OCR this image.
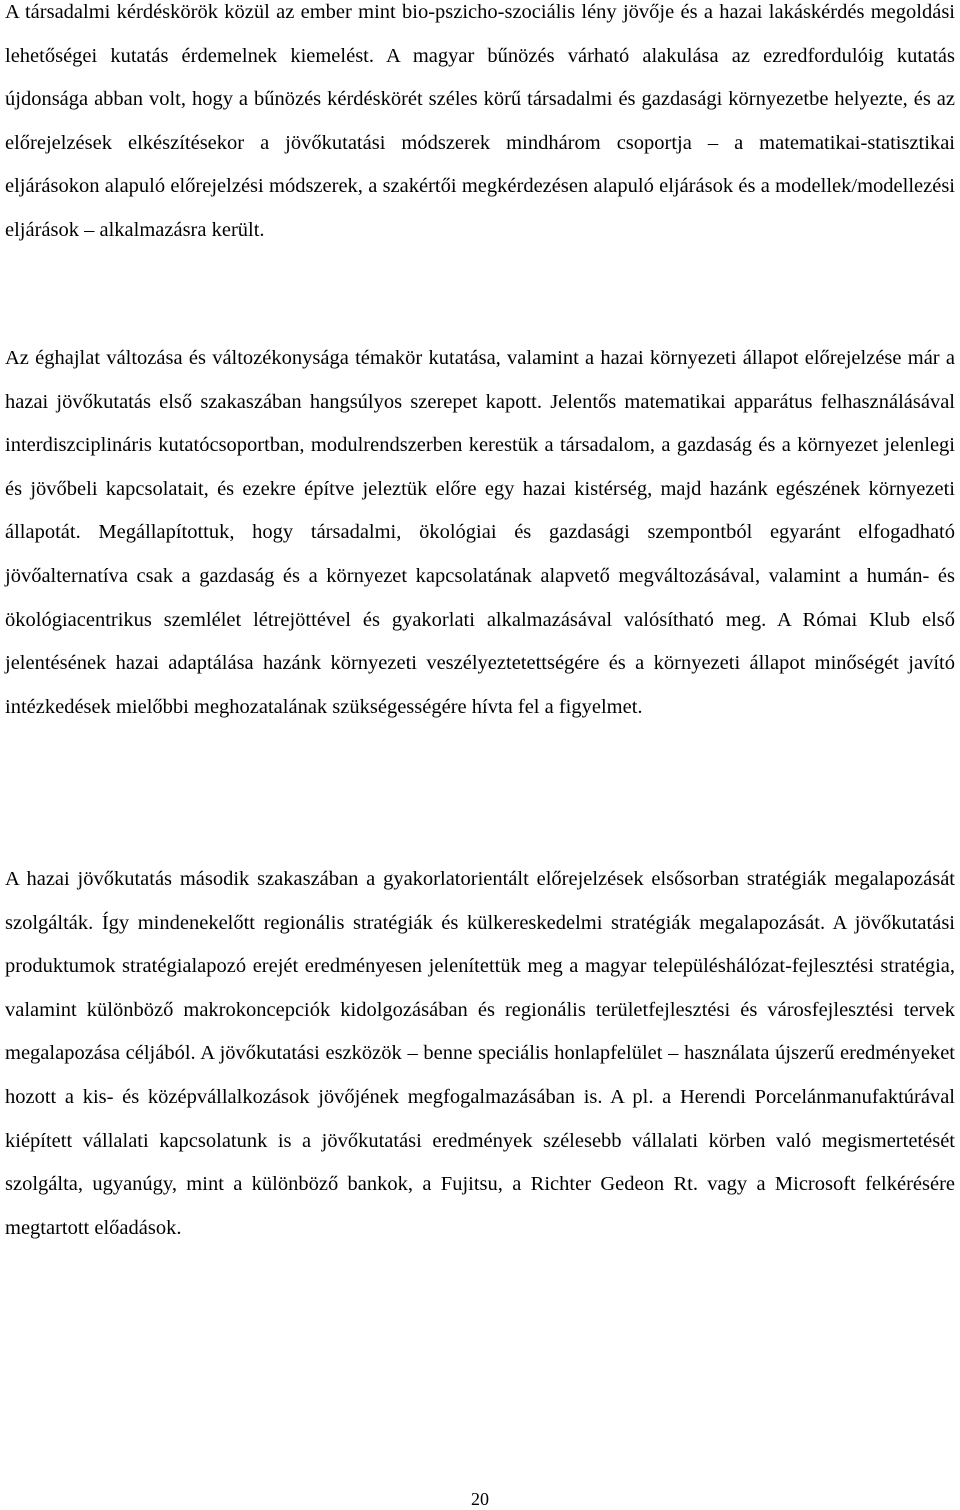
A társadalmi kérdéskörök közül az ember mint bio-pszicho-szociális lény jövője és a hazai lakáskérdés megoldási lehetőségei kutatás érdemelnek kiemelést. A magyar bűnözés várható alakulása az ezredfordulóig kutatás újdonsága abban volt, hogy a bűnözés kérdéskörét széles körű társadalmi és gazdasági környezetbe helyezte, és az előrejelzések elkészítésekor a jövőkutatási módszerek mindhárom csoportja – a matematikai-statisztikai eljárásokon alapuló előrejelzési módszerek, a szakértői megkérdezésen alapuló eljárások és a modellek/modellezési eljárások – alkalmazásra került.

Az éghajlat változása és változékonysága témakör kutatása, valamint a hazai környezeti állapot előrejelzése már a hazai jövőkutatás első szakaszában hangsúlyos szerepet kapott. Jelentős matematikai apparátus felhasználásával interdiszciplináris kutatócsoportban, modulrendszerben kerestük a társadalom, a gazdaság és a környezet jelenlegi és jövőbeli kapcsolatait, és ezekre építve jeleztük előre egy hazai kistérség, majd hazánk egészének környezeti állapotát. Megállapítottuk, hogy társadalmi, ökológiai és gazdasági szempontból egyaránt elfogadható jövőalternatíva csak a gazdaság és a környezet kapcsolatának alapvető megváltozásával, valamint a humán- és ökológiacentrikus szemlélet létrejöttével és gyakorlati alkalmazásával valósítható meg. A Római Klub első jelentésének hazai adaptálása hazánk környezeti veszélyeztetettségére és a környezeti állapot minőségét javító intézkedések mielőbbi meghozatalának szükségességére hívta fel a figyelmet.

A hazai jövőkutatás második szakaszában a gyakorlatorientált előrejelzések elsősorban stratégiák megalapozását szolgálták. Így mindenekelőtt regionális stratégiák és külkereskedelmi stratégiák megalapozását. A jövőkutatási produktumok stratégialapozó erejét eredményesen jelenítettük meg a magyar településhálózat-fejlesztési stratégia, valamint különböző makrokoncepciók kidolgozásában és regionális területfejlesztési és városfejlesztési tervek megalapozása céljából. A jövőkutatási eszközök – benne speciális honlapfelület – használata újszerű eredményeket hozott a kis- és középvállalkozások jövőjének megfogalmazásában is. A pl. a Herendi Porcelánmanufaktúrával kiépített vállalati kapcsolatunk is a jövőkutatási eredmények szélesebb vállalati körben való megismertetését szolgálta, ugyanúgy, mint a különböző bankok, a Fujitsu, a Richter Gedeon Rt. vagy a Microsoft felkérésére megtartott előadások.

20
